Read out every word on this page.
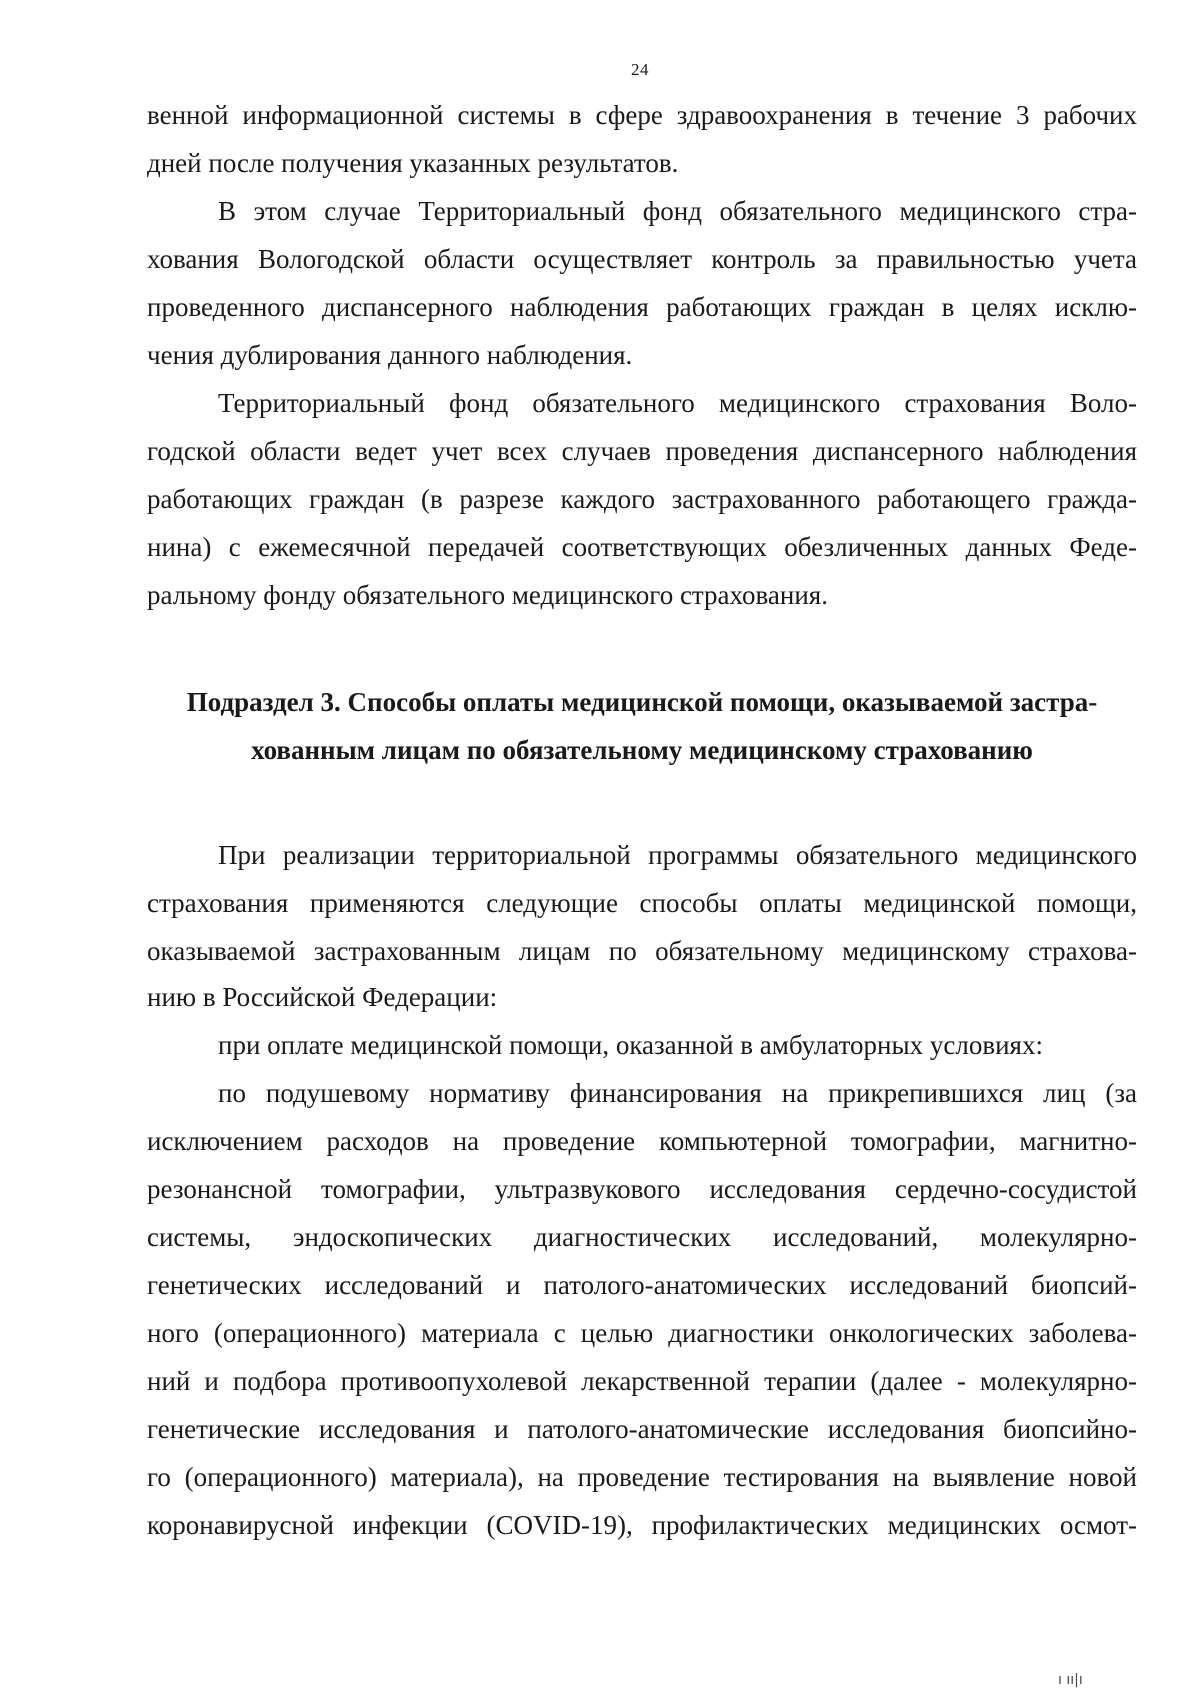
24
венной информационной системы в сфере здравоохранения в течение 3 рабочих
дней после получения указанных результатов.
В этом случае Территориальный фонд обязательного медицинского стра-
хования Вологодской области осуществляет контроль за правильностью учета
проведенного диспансерного наблюдения работающих граждан в целях исклю-
чения дублирования данного наблюдения.
Территориальный фонд обязательного медицинского страхования Воло-
годской области ведет учет всех случаев проведения диспансерного наблюдения
работающих граждан (в разрезе каждого застрахованного работающего гражда-
нина) с ежемесячной передачей соответствующих обезличенных данных Феде-
ральному фонду обязательного медицинского страхования.
Подраздел 3. Способы оплаты медицинской помощи, оказываемой застра-
хованным лицам по обязательному медицинскому страхованию
При реализации территориальной программы обязательного медицинского
страхования применяются следующие способы оплаты медицинской помощи,
оказываемой застрахованным лицам по обязательному медицинскому страхова-
нию в Российской Федерации:
при оплате медицинской помощи, оказанной в амбулаторных условиях:
по подушевому нормативу финансирования на прикрепившихся лиц (за
исключением расходов на проведение компьютерной томографии, магнитно-
резонансной томографии, ультразвукового исследования сердечно-сосудистой
системы, эндоскопических диагностических исследований, молекулярно-
генетических исследований и патолого-анатомических исследований биопсий-
ного (операционного) материала с целью диагностики онкологических заболева-
ний и подбора противоопухолевой лекарственной терапии (далее - молекулярно-
генетические исследования и патолого-анатомические исследования биопсийно-
го (операционного) материала), на проведение тестирования на выявление новой
коронавирусной инфекции (COVID-19), профилактических медицинских осмот-
ı ıı|ı
